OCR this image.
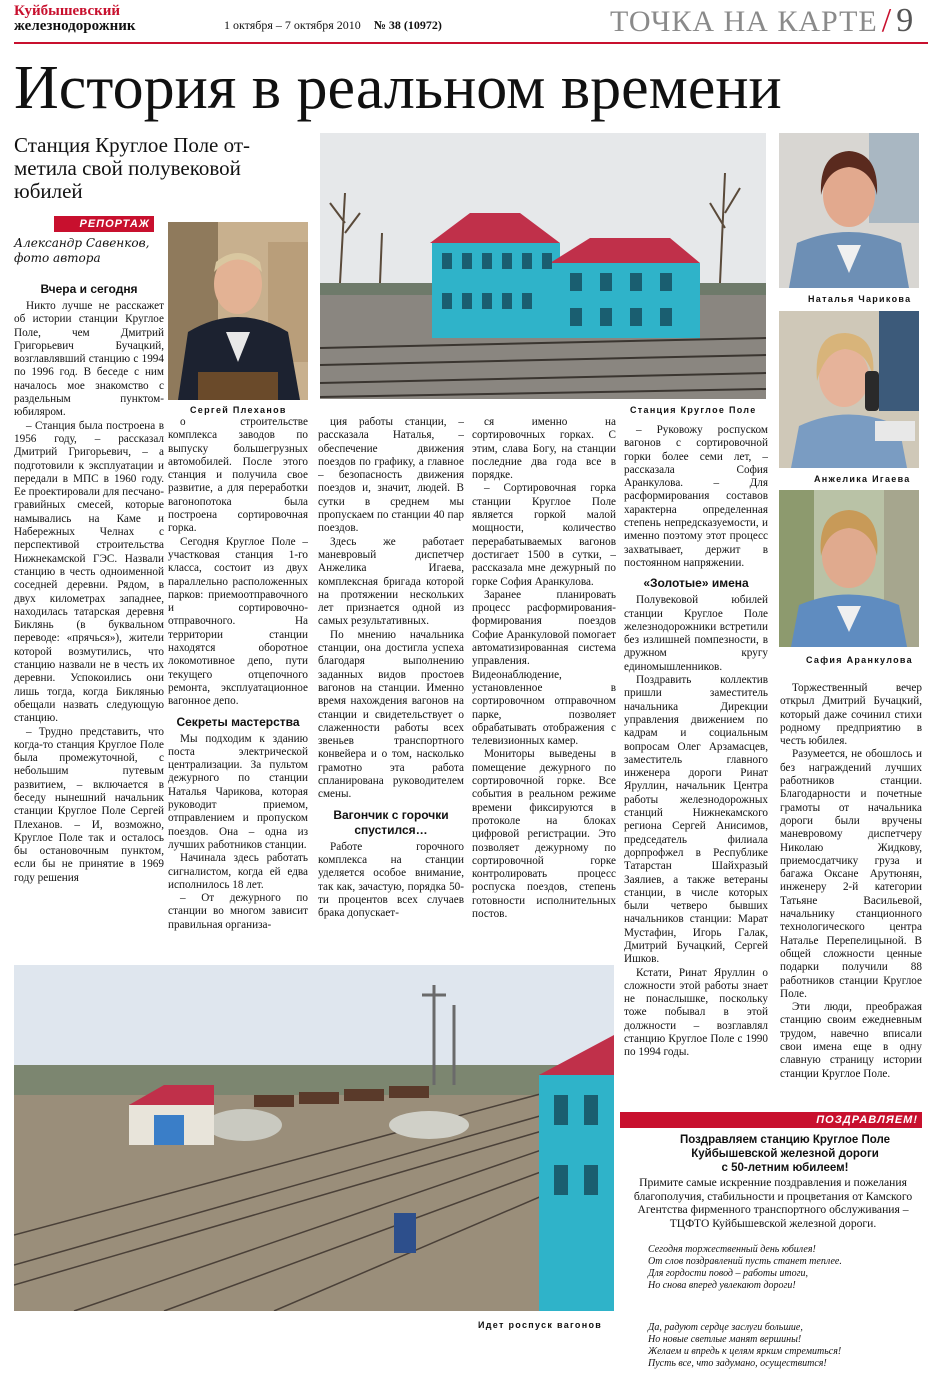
Куйбышевский
железнодорожник	1 октября – 7 октября 2010 № 38 (10972)	ТОЧКА НА КАРТЕ / 9
История в реальном времени
Станция Круглое Поле от-
метила свой полувековой
юбилей
РЕПОРТАЖ
Александр Савенков,
фото автора
Сергей Плеханов	Станция Круглое Поле
Наталья Чарикова
Анжелика Игаева
Сафия Аранкулова
Вчера и сегодня

Никто лучше не расскажет об истории станции Круглое Поле, чем Дмитрий Григорьевич Бучацкий, возглавлявший станцию с 1994 по 1996 год. В беседе с ним началось мое знакомство с раздельным пунктом-юбиляром.

– Станция была построена в 1956 году, – рассказал Дмитрий Григорьевич, – а подготовили к эксплуатации и передали в МПС в 1960 году. Ее проектировали для песчано-гравийных смесей, которые намывались на Каме и Набережных Челнах с перспективой строительства Нижнекамской ГЭС. Назвали станцию в честь одноименной соседней деревни. Рядом, в двух километрах западнее, находилась татарская деревня Биклянь (в буквальном переводе: «прячься»), жители которой возмутились, что станцию назвали не в честь их деревни. Успокоились они лишь тогда, когда Биклянью обещали назвать следующую станцию.

– Трудно представить, что когда-то станция Круглое Поле была промежуточной, с небольшим путевым развитием, – включается в беседу нынешний начальник станции Круглое Поле Сергей Плеханов. – И, возможно, Круглое Поле так и осталось бы остановочным пунктом, если бы не принятие в 1969 году решения

о строительстве комплекса заводов по выпуску большегрузных автомобилей. После этого станция и получила свое развитие, а для переработки вагонопотока была построена сортировочная горка.

Сегодня Круглое Поле – участковая станция 1-го класса, состоит из двух параллельно расположенных парков: приемоотправочного и сортировочно-отправочного. На территории станции находятся оборотное локомотивное депо, пути текущего отцепочного ремонта, эксплуатационное вагонное депо.

Секреты мастерства

Мы подходим к зданию поста электрической централизации. За пультом дежурного по станции Наталья Чарикова, которая руководит приемом, отправлением и пропуском поездов. Она – одна из лучших работников станции.

Начинала здесь работать сигналистом, когда ей едва исполнилось 18 лет.

– От дежурного по станции во многом зависит правильная организа-

ция работы станции, – рассказала Наталья, – обеспечение движения поездов по графику, а главное – безопасность движения поездов и, значит, людей. В сутки в среднем мы пропускаем по станции 40 пар поездов.

Здесь же работает маневровый диспетчер Анжелика Игаева, комплексная бригада которой на протяжении нескольких лет признается одной из самых результативных.

По мнению начальника станции, она достигла успеха благодаря выполнению заданных видов простоев вагонов на станции. Именно время нахождения вагонов на станции и свидетельствует о слаженности работы всех звеньев транспортного конвейера и о том, насколько грамотно эта работа спланирована руководителем смены.

Вагончик с горочки спустился…

Работе горочного комплекса на станции уделяется особое внимание, так как, зачастую, порядка 50-ти процентов всех случаев брака допускает-

ся именно на сортировочных горках. С этим, слава Богу, на станции последние два года все в порядке.

– Сортировочная горка станции Круглое Поле является горкой малой мощности, количество перерабатываемых вагонов достигает 1500 в сутки, – рассказала мне дежурный по горке София Аранкулова.

Заранее планировать процесс расформирования-формирования поездов Софие Аранкуловой помогает автоматизированная система управления. Видеонаблюдение, установленное в сортировочном отправочном парке, позволяет обрабатывать отображения с телевизионных камер.

Мониторы выведены в помещение дежурного по сортировочной горке. Все события в реальном режиме времени фиксируются в протоколе на блоках цифровой регистрации. Это позволяет дежурному по сортировочной горке контролировать процесс роспуска поездов, степень готовности исполнительных постов.

– Руковожу роспуском вагонов с сортировочной горки более семи лет, – рассказала София Аранкулова. – Для расформирования составов характерна определенная степень непредсказуемости, и именно поэтому этот процесс захватывает, держит в постоянном напряжении.

«Золотые» имена

Полувековой юбилей станции Круглое Поле железнодорожники встретили без излишней помпезности, в дружном кругу единомышленников.

Поздравить коллектив пришли заместитель начальника Дирекции управления движением по кадрам и социальным вопросам Олег Арзамасцев, заместитель главного инженера дороги Ринат Яруллин, начальник Центра работы железнодорожных станций Нижнекамского региона Сергей Анисимов, председатель филиала дорпрофжел в Республике Татарстан Шайхразый Заялиев, а также ветераны станции, в числе которых были четверо бывших начальников станции: Марат Мустафин, Игорь Галак, Дмитрий Бучацкий, Сергей Ишков.

Кстати, Ринат Яруллин о сложности этой работы знает не понаслышке, поскольку тоже побывал в этой должности – возглавлял станцию Круглое Поле с 1990 по 1994 годы.

Торжественный вечер открыл Дмитрий Бучацкий, который даже сочинил стихи родному предприятию в честь юбилея.

Разумеется, не обошлось и без награждений лучших работников станции. Благодарности и почетные грамоты от начальника дороги были вручены маневровому диспетчеру Николаю Жидкову, приемосдатчику груза и багажа Оксане Арутюнян, инженеру 2-й категории Татьяне Васильевой, начальнику станционного технологического центра Наталье Перепелицыной. В общей сложности ценные подарки получили 88 работников станции Круглое Поле.

Эти люди, преображая станцию своим ежедневным трудом, навечно вписали свои имена еще в одну славную страницу истории станции Круглое Поле.

Идет роспуск вагонов
ПОЗДРАВЛЯЕМ!
Поздравляем станцию Круглое Поле
Куйбышевской железной дороги
с 50-летним юбилеем!
Примите самые искренние поздравления и пожелания благополучия, стабильности и процветания от Камского Агентства фирменного транспортного обслуживания – ТЦФТО Куйбышевской железной дороги.

Сегодня торжественный день юбилея!
От слов поздравлений пусть станет теплее.
Для гордости повод – работы итоги,
Но снова вперед увлекают дороги!

Да, радуют сердце заслуги большие,
Но новые светлые манят вершины!
Желаем и впредь к целям ярким стремиться!
Пусть все, что задумано, осуществится!
